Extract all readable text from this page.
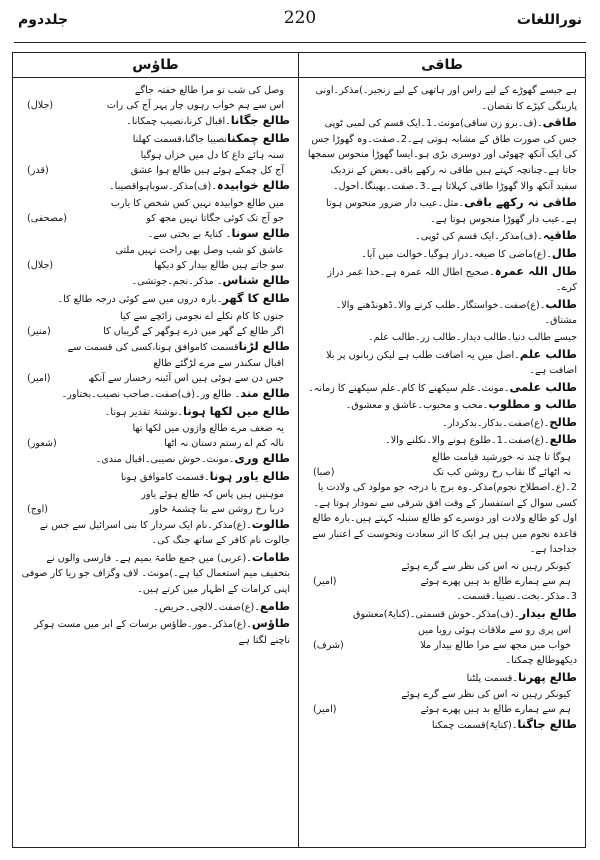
جلددوم	220	نوراللغات
طاؤس
وصل کی شب تو مرا طالع خفتہ جاگے
اس سے ہم خواب رہوں چار پہر آج کی رات
(جلال)
طالع جگانا۔اقبال کرنا،نصیب چمکانا۔
طالع چمکنانصیبا جاگنا،قسمت کھلنا
سنہ ہائے داغ کا دل میں خزاں ہوگیا
آج کل چمکے ہوئے ہیں طالع ہوا عشق
(قدر)
طالع خوابیدہ۔(ف)مذکر۔سوباہواقصیبا۔
میں طالع خوابیدہ نہیں کس شخص کا یارب
جو آج تک کوئی جگاتا نہیں مجھ کو
(مصحفی)
طالع سونا۔ کنایۃً بے بختی سے۔
عاشق کو شب وصل بھی راحت نہیں ملتی
سو جاتے ہیں طالع بیدار کو دیکھا
(جلال)
طالع شناس۔ مذکر۔نجم۔جوتشی۔
طالع کا گھر۔بارہ دروں میں سے کوئی درجہ طالع کا۔
جنوں کا کام نکلے اے نجومی زائچے سے کیا
اگر طالع کے گھر میں ذرے ہوگھر کے گریباں کا
(منیر)
طالع لڑناقسمت کاموافق ہونا،کسی کی قسمت سے
اقبال سکندر سے مرے لڑگئے طالع
جس دن سے ہوئی ہیں اس آئینہ رخسار سے آنکھ
(امیر)
طالع مند۔ طالع ور۔(ف)صفت۔صاحب نصیب۔بختاور۔
طالع میں لکھا ہونا۔نوشتۂ تقدیر ہونا۔
یہ ضعف مرے طالع واژوں میں لکھا تھا
نالہ کم اے رستم دستان نہ اٹھا
(شعور)
طالع وری۔مونث۔خوش نصیبی۔اقبال مندی۔
طالع یاور ہونا۔قسمت کاموافق ہونا
موہنیں ہیں پاس کہ طالع ہوئے یاور
دریا رخ روشن سے بنا چشمۂ خاور
(اوج)
طالوت۔(ع)مذکر۔نام ایک سردار کا بنی اسرائیل سے جس نے جالوت نام کافر کے ساتھ جنگ کی۔
طامات۔(عربی) میں جمع طامۃ بمیم ہے۔ فارسی والوں نے بتخفیف میم استعمال کیا ہے۔)مونث۔ لاف وگزاف جو ریا کار صوفی اپنی کرامات کے اظہار میں کرتے ہیں۔
طامع۔(ع)صفت۔لالچی۔حریص۔
طاؤس۔(ع)مذکر۔مور۔طاؤس برسات کے ابر میں مست ہوکر ناچنے لگتا ہے
طاقی
ہے جیسے گھوڑے کے لیے راس اور ہاتھی کے لیے زنجیر۔)مذکر۔اونی پارینگی کپڑے کا نقصان۔
طاقی۔(ف۔برو زن ساقی)مونث۔1۔ایک قسم کی لمبی ٹوپی جس کی صورت طاق کے مشابہ ہوتی ہے۔2۔صفت۔وہ گھوڑا جس کی ایک آنکھ چھوٹی اور دوسری بڑی ہو۔ایسا گھوڑا منحوس سمجھا جاتا ہے۔چنانچہ کہتے ہیں طاقی نہ رکھے باقی۔بعض کے نزدیک سفید آنکھ والا گھوڑا طاقی کہلاتا ہے۔3۔صفت۔بھینگا۔احول۔
طاقی نہ رکھے باقی۔مثل۔عیب دار ضرور منحوس ہوتا ہے۔عیب دار گھوڑا منحوس ہوتا ہے۔
طاقیہ۔(ف)مذکر۔ایک قسم کی ٹوپی۔
طال۔(ع)ماضی کا صیغہ۔دراز ہوگیا۔خوالت میں آیا۔
طال اللہ عمرہ۔صحیح اطال اللہ عمرہ ہے۔خدا عمر دراز کرے۔
طالب۔(ع)صفت۔خواستگار۔طلب کرنے والا۔ڈھونڈھنے والا۔مشتاق۔
جیسے طالب دنیا۔طالب دیدار۔طالب زر۔طالب علم۔
طالب علم۔اصل میں یہ اضافت طلب ہے لیکن زبانوں پر بلا اضافت ہے۔
طالب علمی۔مونث۔علم سیکھنے کا کام۔علم سیکھنے کا زمانہ۔
طالب و مطلوب۔محب و محبوب۔عاشق و معشوق۔
طالح۔(ع)صفت۔بدکار۔بدکردار۔
طالع۔(ع)صفت۔1۔طلوع ہونے والا۔نکلنے والا۔
ہوگا تا چند نہ خورشید قیامت طالع
نہ اٹھائے گا نقاب رخ روشن کب تک
(صبا)
2۔(ع۔اصطلاح نجوم)مذکر۔وہ برج یا درجہ جو مولود کی ولادت یا کسی سوال کے استفسار کے وقت افق شرقی سے نمودار ہوتا ہے۔اول کو طالع ولادت اور دوسرے کو طالع سنبلہ کہتے ہیں۔بارہ طالع قاعدہ نجوم میں ہیں ہر ایک کا اثر سعادت ونحوست کے اعتبار سے جداجدا ہے۔
کیونکر رہیں نہ اس کی نظر سے گرے ہوئے
ہم سے ہمارے طالع بد ہیں پھرے ہوئے
(امیر)
3۔مذکر۔بخت۔نصیبا۔قسمت۔
طالع بیدار۔(ف)مذکر۔خوش قسمتی۔(کنایۃً)معشوق
اس پری رو سے ملاقات ہوئی رویا میں
خواب میں مجھ سے مرا طالع بیدار ملا
(شرف)
دیکھوطالع چمکنا۔
طالع پھرنا۔قسمت پلٹنا
کیونکر رہیں نہ اس کی نظر سے گرے ہوئے
ہم سے ہمارے طالع بد ہیں پھرے ہوئے
(امیر)
طالع جاگنا۔(کنایۃً)قسمت چمکنا
